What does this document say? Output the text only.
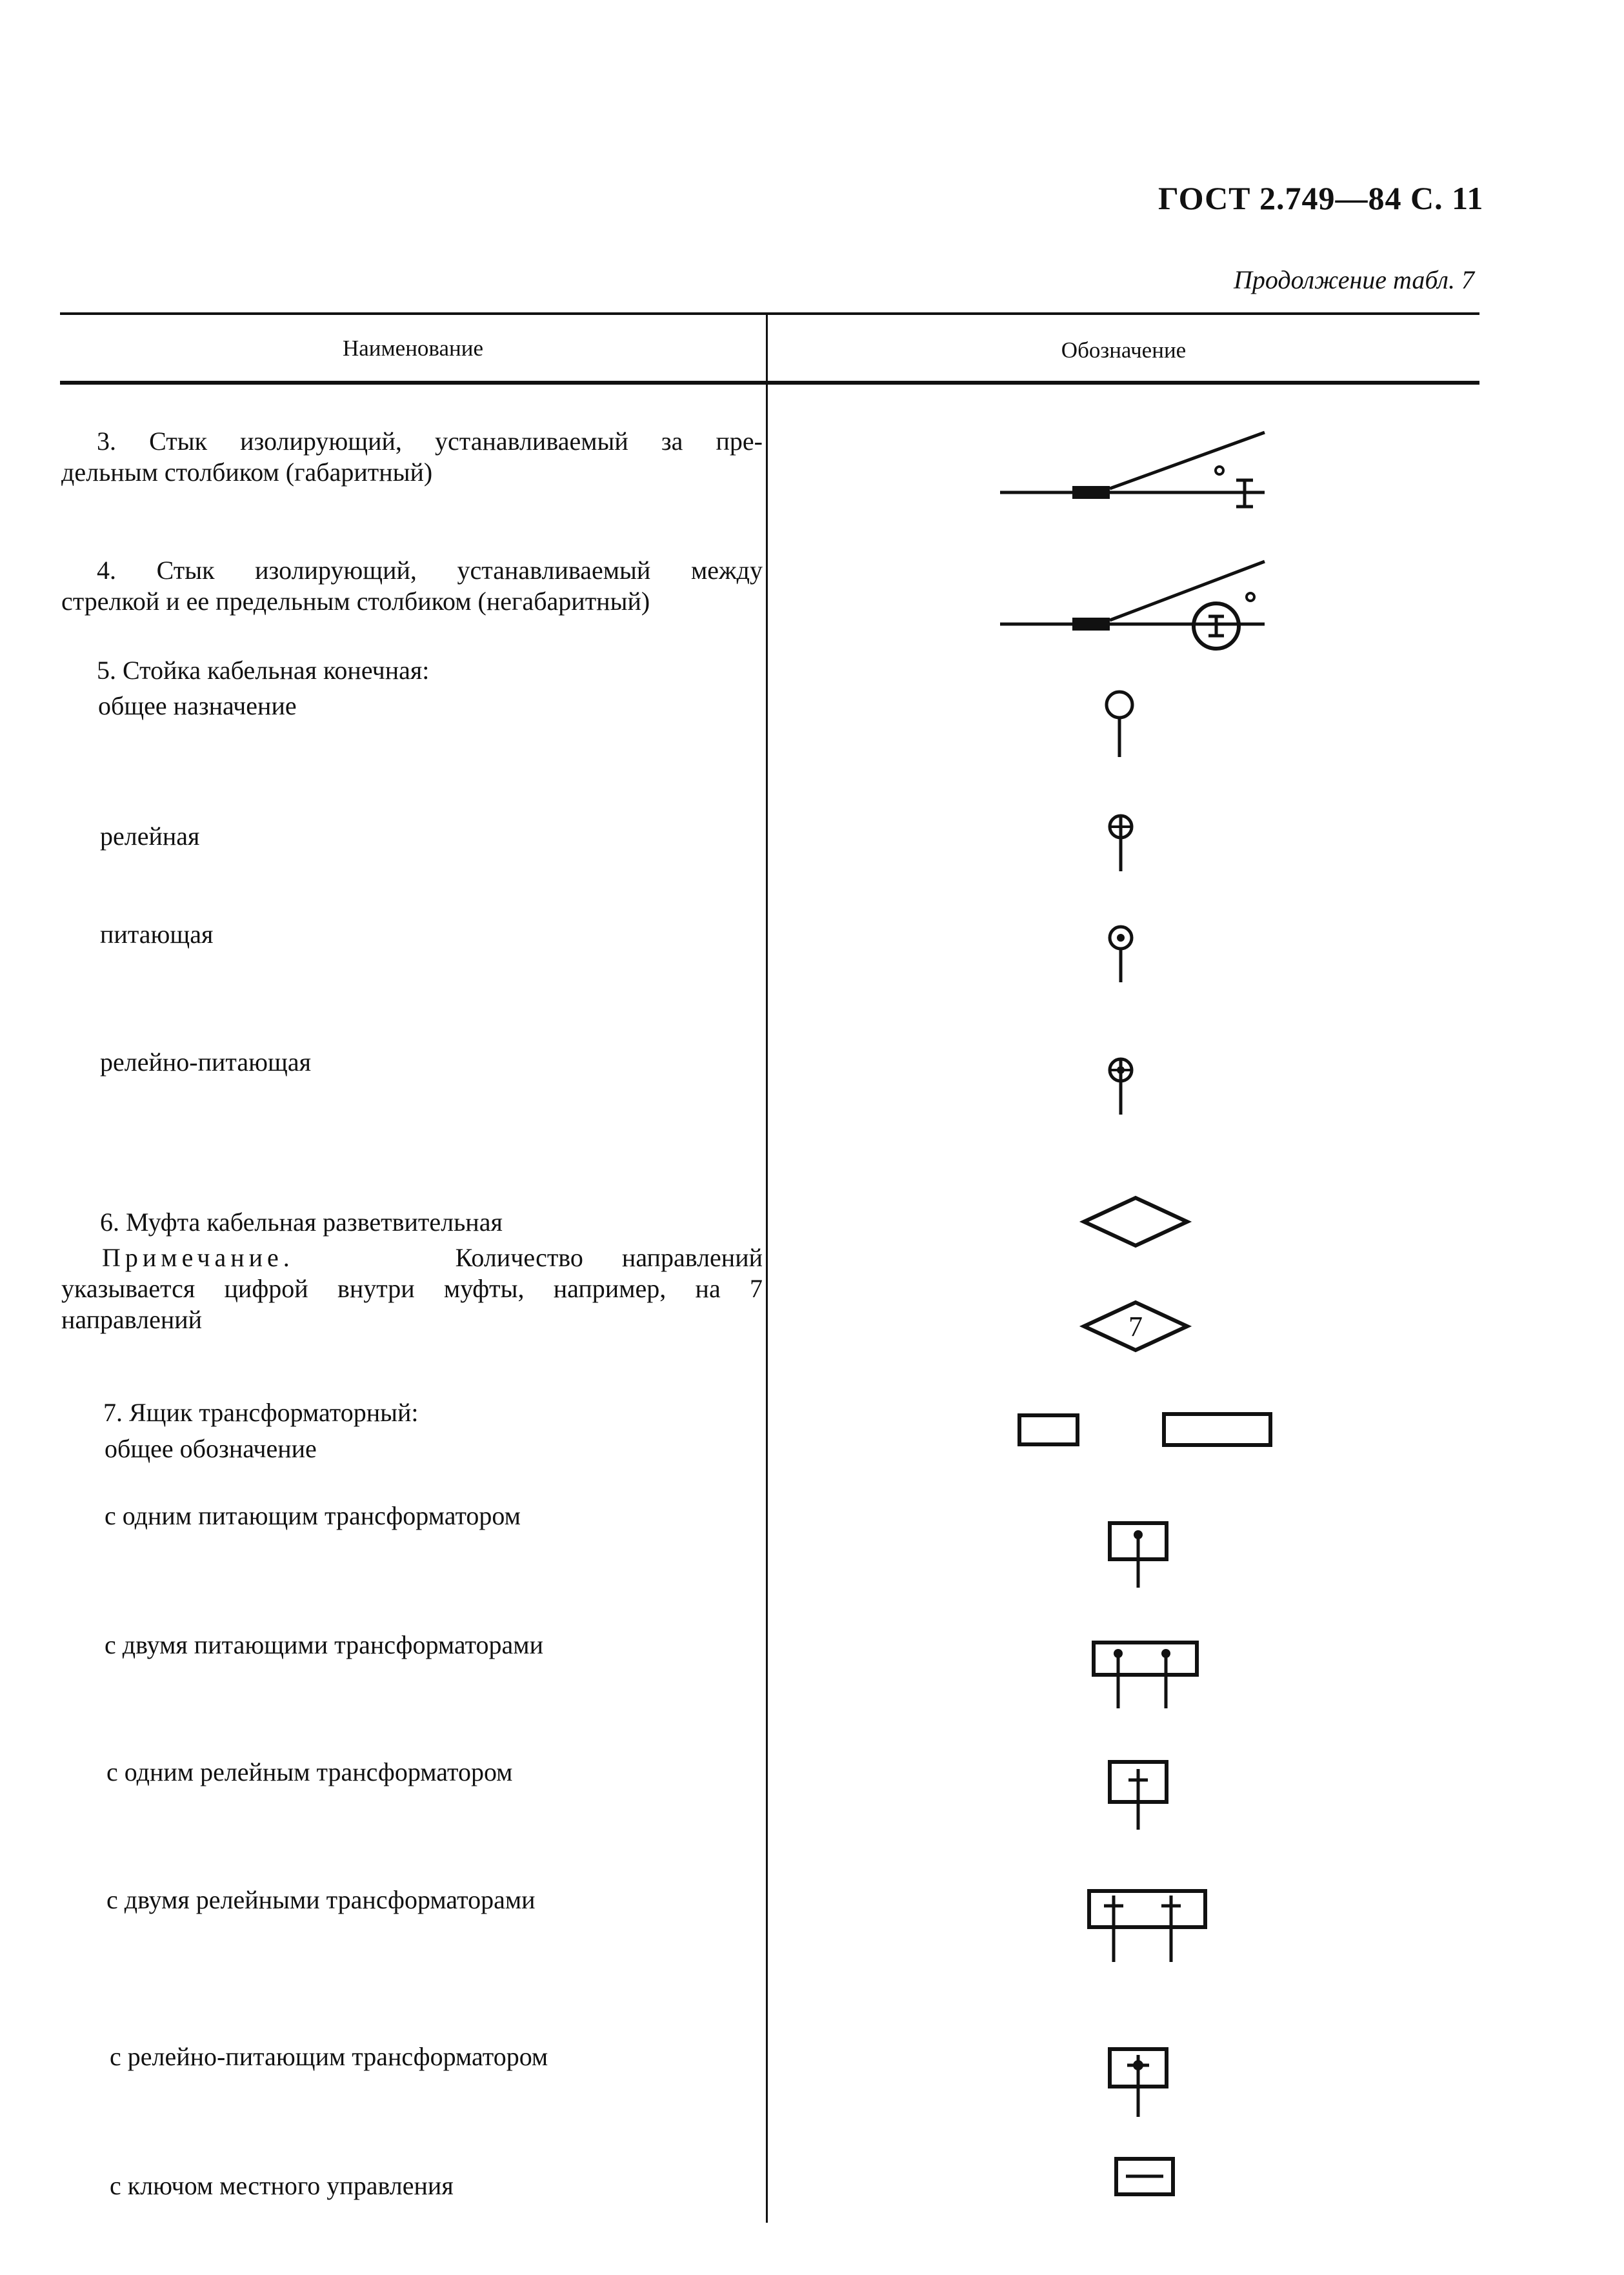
ГОСТ 2.749—84 С. 11
Продолжение табл. 7
Наименование	Обозначение
3. Стык изолирующий, устанавливаемый за пре-
дельным столбиком (габаритный)
4. Стык изолирующий, устанавливаемый между
стрелкой и ее предельным столбиком (негабаритный)
5. Стойка кабельная конечная:
общее назначение
релейная
питающая
релейно-питающая
6. Муфта кабельная разветвительная
Примечание.	Количество направлений
указывается цифрой внутри муфты, например, на 7
направлений
7. Ящик трансформаторный:
общее обозначение
с одним питающим трансформатором
с двумя питающими трансформаторами
с одним релейным трансформатором
с двумя релейными трансформаторами
с релейно-питающим трансформатором
с ключом местного управления
7
